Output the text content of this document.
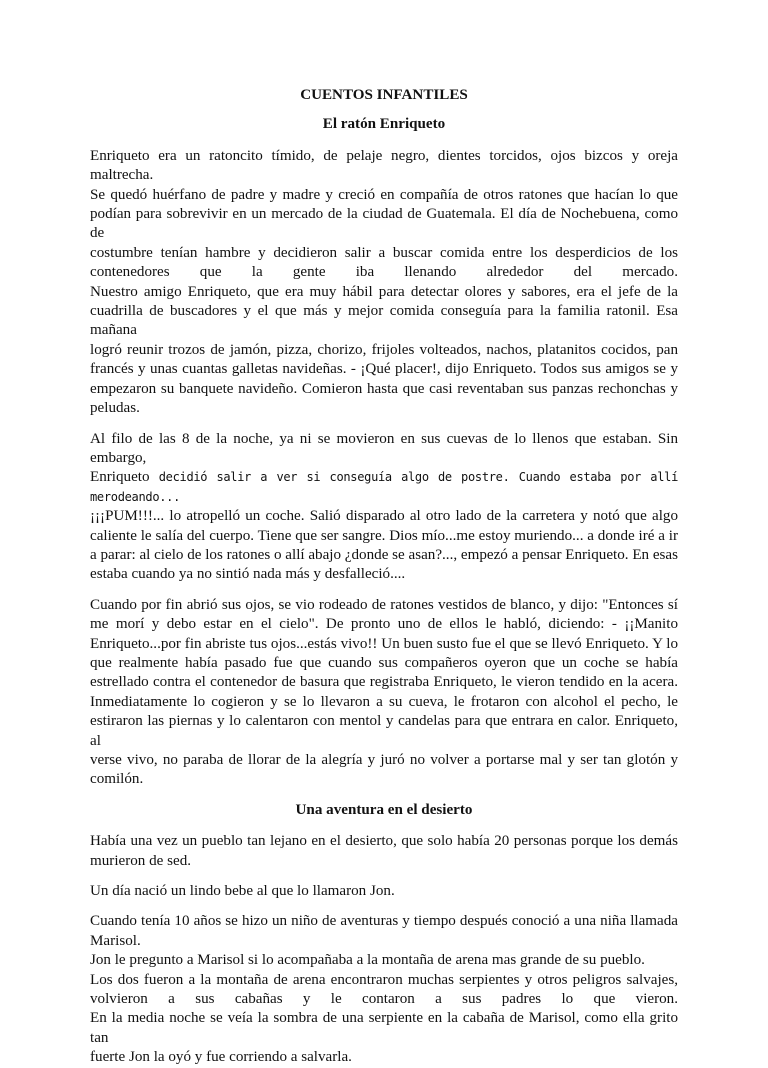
CUENTOS INFANTILES
El ratón Enriqueto
Enriqueto era un ratoncito tímido, de pelaje negro, dientes torcidos, ojos bizcos y oreja maltrecha.
Se quedó huérfano de padre y madre y creció en compañía de otros ratones que hacían lo que
podían para sobrevivir en un mercado de la ciudad de Guatemala. El día de Nochebuena, como de
costumbre tenían hambre y decidieron salir a buscar comida entre los desperdicios de los
contenedores que la gente iba llenando alrededor del mercado.
Nuestro amigo Enriqueto, que era muy hábil para detectar olores y sabores, era el jefe de la
cuadrilla de buscadores y el que más y mejor comida conseguía para la familia ratonil. Esa mañana
logró reunir trozos de jamón, pizza, chorizo, frijoles volteados, nachos, platanitos cocidos, pan
francés y unas cuantas galletas navideñas. - ¡Qué placer!, dijo Enriqueto. Todos sus amigos se y
empezaron su banquete navideño. Comieron hasta que casi reventaban sus panzas rechonchas y
peludas.
Al filo de las 8 de la noche, ya ni se movieron en sus cuevas de lo llenos que estaban. Sin embargo,
Enriqueto decidió salir a ver si conseguía algo de postre. Cuando estaba por allí merodeando...
¡¡¡PUM!!!... lo atropelló un coche. Salió disparado al otro lado de la carretera y notó que algo
caliente le salía del cuerpo. Tiene que ser sangre. Dios mío...me estoy muriendo... a donde iré a ir
a parar: al cielo de los ratones o allí abajo ¿donde se asan?..., empezó a pensar Enriqueto. En esas
estaba cuando ya no sintió nada más y desfalleció....
Cuando por fin abrió sus ojos, se vio rodeado de ratones vestidos de blanco, y dijo: "Entonces sí
me morí y debo estar en el cielo". De pronto uno de ellos le habló, diciendo: - ¡¡Manito
Enriqueto...por fin abriste tus ojos...estás vivo!! Un buen susto fue el que se llevó Enriqueto. Y lo
que realmente había pasado fue que cuando sus compañeros oyeron que un coche se había
estrellado contra el contenedor de basura que registraba Enriqueto, le vieron tendido en la acera.
Inmediatamente lo cogieron y se lo llevaron a su cueva, le frotaron con alcohol el pecho, le
estiraron las piernas y lo calentaron con mentol y candelas para que entrara en calor. Enriqueto, al
verse vivo, no paraba de llorar de la alegría y juró no volver a portarse mal y ser tan glotón y
comilón.
Una aventura en el desierto
Había una vez un pueblo tan lejano en el desierto, que solo había 20 personas porque los demás
murieron de sed.
Un día nació un lindo bebe al que lo llamaron Jon.
Cuando tenía 10 años se hizo un niño de aventuras y tiempo después conoció a una niña llamada
Marisol.
Jon le pregunto a Marisol si lo acompañaba a la montaña de arena mas grande de su pueblo.
Los dos fueron a la montaña de arena encontraron muchas serpientes y otros peligros salvajes,
volvieron a sus cabañas y le contaron a sus padres lo que vieron.
En la media noche se veía la sombra de una serpiente en la cabaña de Marisol, como ella grito tan
fuerte Jon la oyó y fue corriendo a salvarla.
